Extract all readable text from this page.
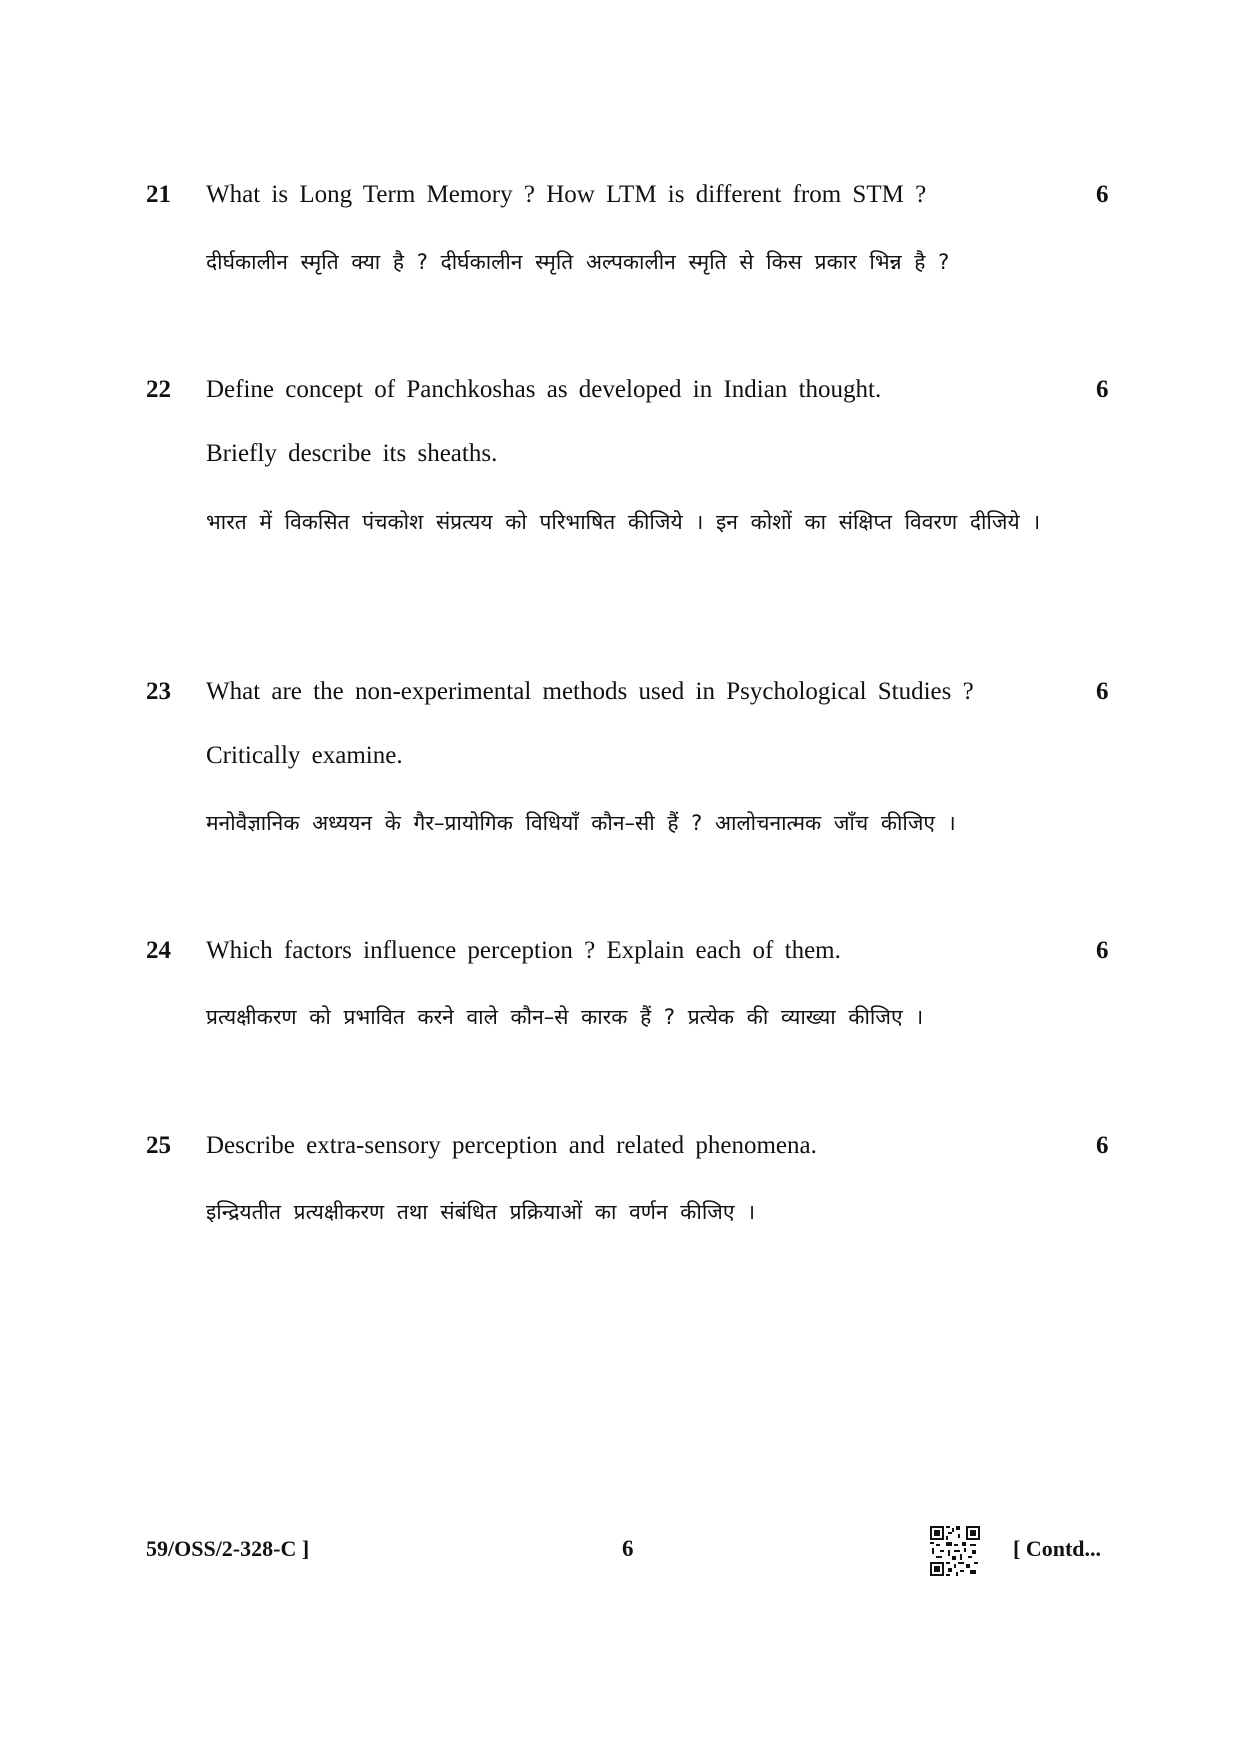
21 What is Long Term Memory ? How LTM is different from STM ?	6
दीर्घकालीन स्मृति क्या है ? दीर्घकालीन स्मृति अल्पकालीन स्मृति से किस प्रकार भिन्न है ?
22 Define concept of Panchkoshas as developed in Indian thought.	6
Briefly describe its sheaths.
भारत में विकसित पंचकोश संप्रत्यय को परिभाषित कीजिये । इन कोशों का संक्षिप्त विवरण दीजिये ।
23 What are the non-experimental methods used in Psychological Studies ?	6
Critically examine.
मनोवैज्ञानिक अध्ययन के गैर–प्रायोगिक विधियाँ कौन–सी हैं ? आलोचनात्मक जाँच कीजिए ।
24 Which factors influence perception ? Explain each of them.	6
प्रत्यक्षीकरण को प्रभावित करने वाले कौन–से कारक हैं ? प्रत्येक की व्याख्या कीजिए ।
25 Describe extra-sensory perception and related phenomena.	6
इन्द्रियतीत प्रत्यक्षीकरण तथा संबंधित प्रक्रियाओं का वर्णन कीजिए ।
59/OSS/2-328-C ]	6	[ Contd...
